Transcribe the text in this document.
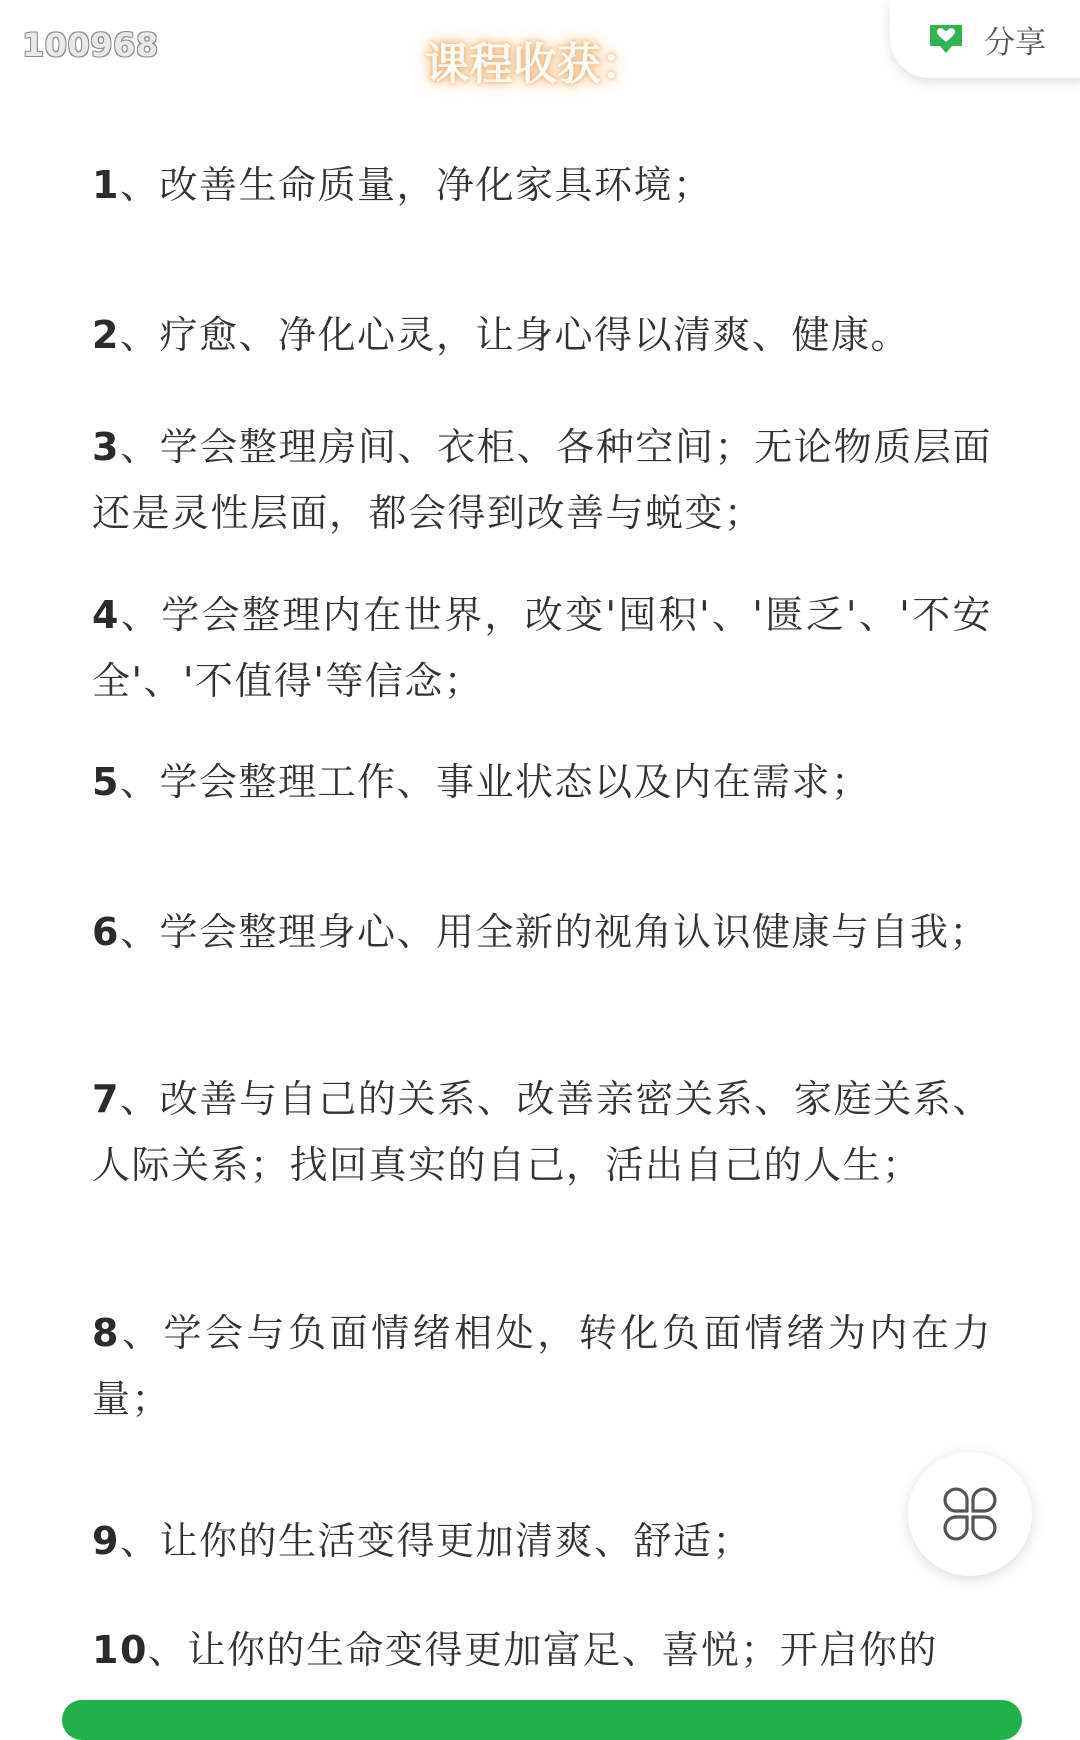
100968	课程收获：	分享

1、改善生命质量，净化家具环境；

2、疗愈、净化心灵，让身心得以清爽、健康。

3、学会整理房间、衣柜、各种空间；无论物质层面还是灵性层面，都会得到改善与蜕变；

4、学会整理内在世界，改变'囤积'、'匮乏'、'不安全'、'不值得'等信念；

5、学会整理工作、事业状态以及内在需求；

6、学会整理身心、用全新的视角认识健康与自我；

7、改善与自己的关系、改善亲密关系、家庭关系、人际关系；找回真实的自己，活出自己的人生；

8、学会与负面情绪相处，转化负面情绪为内在力量；

9、让你的生活变得更加清爽、舒适；

10、让你的生命变得更加富足、喜悦；开启你的
